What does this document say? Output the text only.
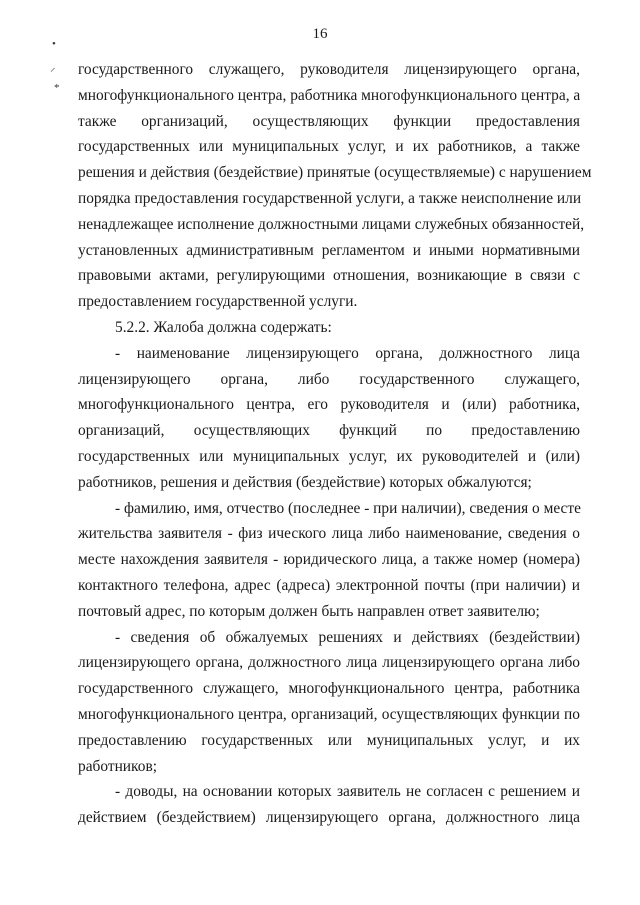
•
⸝
*
16
государственного служащего, руководителя лицензирующего органа,
многофункционального центра, работника многофункционального центра, а
также организаций, осуществляющих функции предоставления
государственных или муниципальных услуг, и их работников, а также
решения и действия (бездействие) принятые (осуществляемые) с нарушением
порядка предоставления государственной услуги, а также неисполнение или
ненадлежащее исполнение должностными лицами служебных обязанностей,
установленных административным регламентом и иными нормативными
правовыми актами, регулирующими отношения, возникающие в связи с
предоставлением государственной услуги.
5.2.2. Жалоба должна содержать:
- наименование лицензирующего органа, должностного лица
лицензирующего органа, либо государственного служащего,
многофункционального центра, его руководителя и (или) работника,
организаций, осуществляющих функций по предоставлению
государственных или муниципальных услуг, их руководителей и (или)
работников, решения и действия (бездействие) которых обжалуются;
- фамилию, имя, отчество (последнее - при наличии), сведения о месте
жительства заявителя - физ ического лица либо наименование, сведения о
месте нахождения заявителя - юридического лица, а также номер (номера)
контактного телефона, адрес (адреса) электронной почты (при наличии) и
почтовый адрес, по которым должен быть направлен ответ заявителю;
- сведения об обжалуемых решениях и действиях (бездействии)
лицензирующего органа, должностного лица лицензирующего органа либо
государственного служащего, многофункционального центра, работника
многофункционального центра, организаций, осуществляющих функции по
предоставлению государственных или муниципальных услуг, и их
работников;
- доводы, на основании которых заявитель не согласен с решением и
действием (бездействием) лицензирующего органа, должностного лица
